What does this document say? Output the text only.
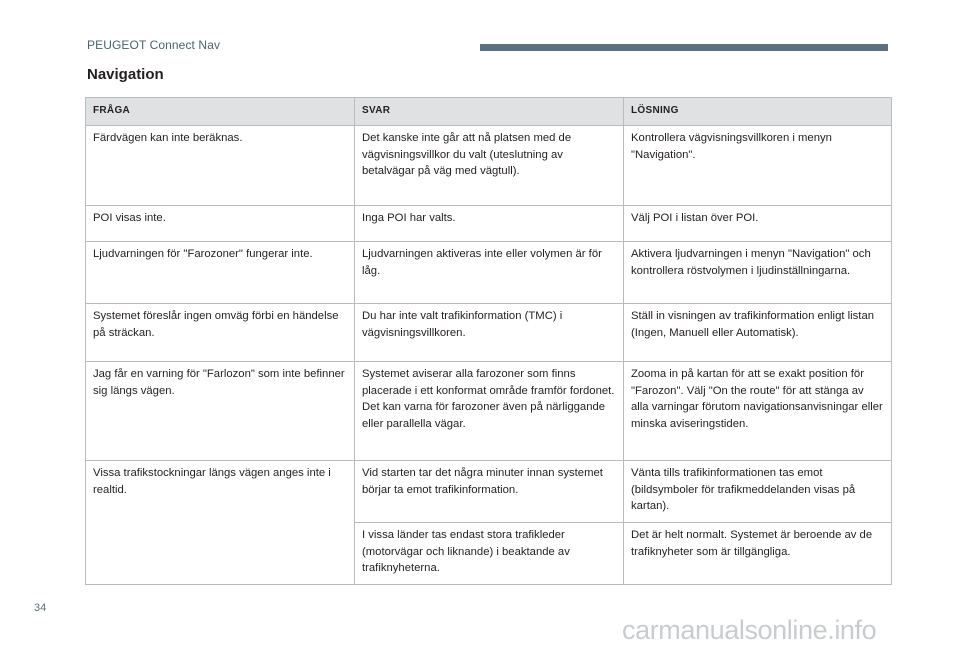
PEUGEOT Connect Nav
Navigation
FRÅGA	SVAR	LÖSNING
Färdvägen kan inte beräknas.	Det kanske inte går att nå platsen med de vägvisningsvillkor du valt (uteslutning av betalvägar på väg med vägtull).	Kontrollera vägvisningsvillkoren i menyn "Navigation".
POI visas inte.	Inga POI har valts.	Välj POI i listan över POI.
Ljudvarningen för "Farozoner" fungerar inte.	Ljudvarningen aktiveras inte eller volymen är för låg.	Aktivera ljudvarningen i menyn "Navigation" och kontrollera röstvolymen i ljudinställningarna.
Systemet föreslår ingen omväg förbi en händelse på sträckan.	Du har inte valt trafikinformation (TMC) i vägvisningsvillkoren.	Ställ in visningen av trafikinformation enligt listan (Ingen, Manuell eller Automatisk).
Jag får en varning för "Farlozon" som inte befinner sig längs vägen.	Systemet aviserar alla farozoner som finns placerade i ett konformat område framför fordonet. Det kan varna för farozoner även på närliggande eller parallella vägar.	Zooma in på kartan för att se exakt position för "Farozon". Välj "On the route" för att stänga av alla varningar förutom navigationsanvisningar eller minska aviseringstiden.
Vissa trafikstockningar längs vägen anges inte i realtid.	Vid starten tar det några minuter innan systemet börjar ta emot trafikinformation.	Vänta tills trafikinformationen tas emot (bildsymboler för trafikmeddelanden visas på kartan).
	I vissa länder tas endast stora trafikleder (motorvägar och liknande) i beaktande av trafiknyheterna.	Det är helt normalt. Systemet är beroende av de trafiknyheter som är tillgängliga.
34
carmanualsonline.info
